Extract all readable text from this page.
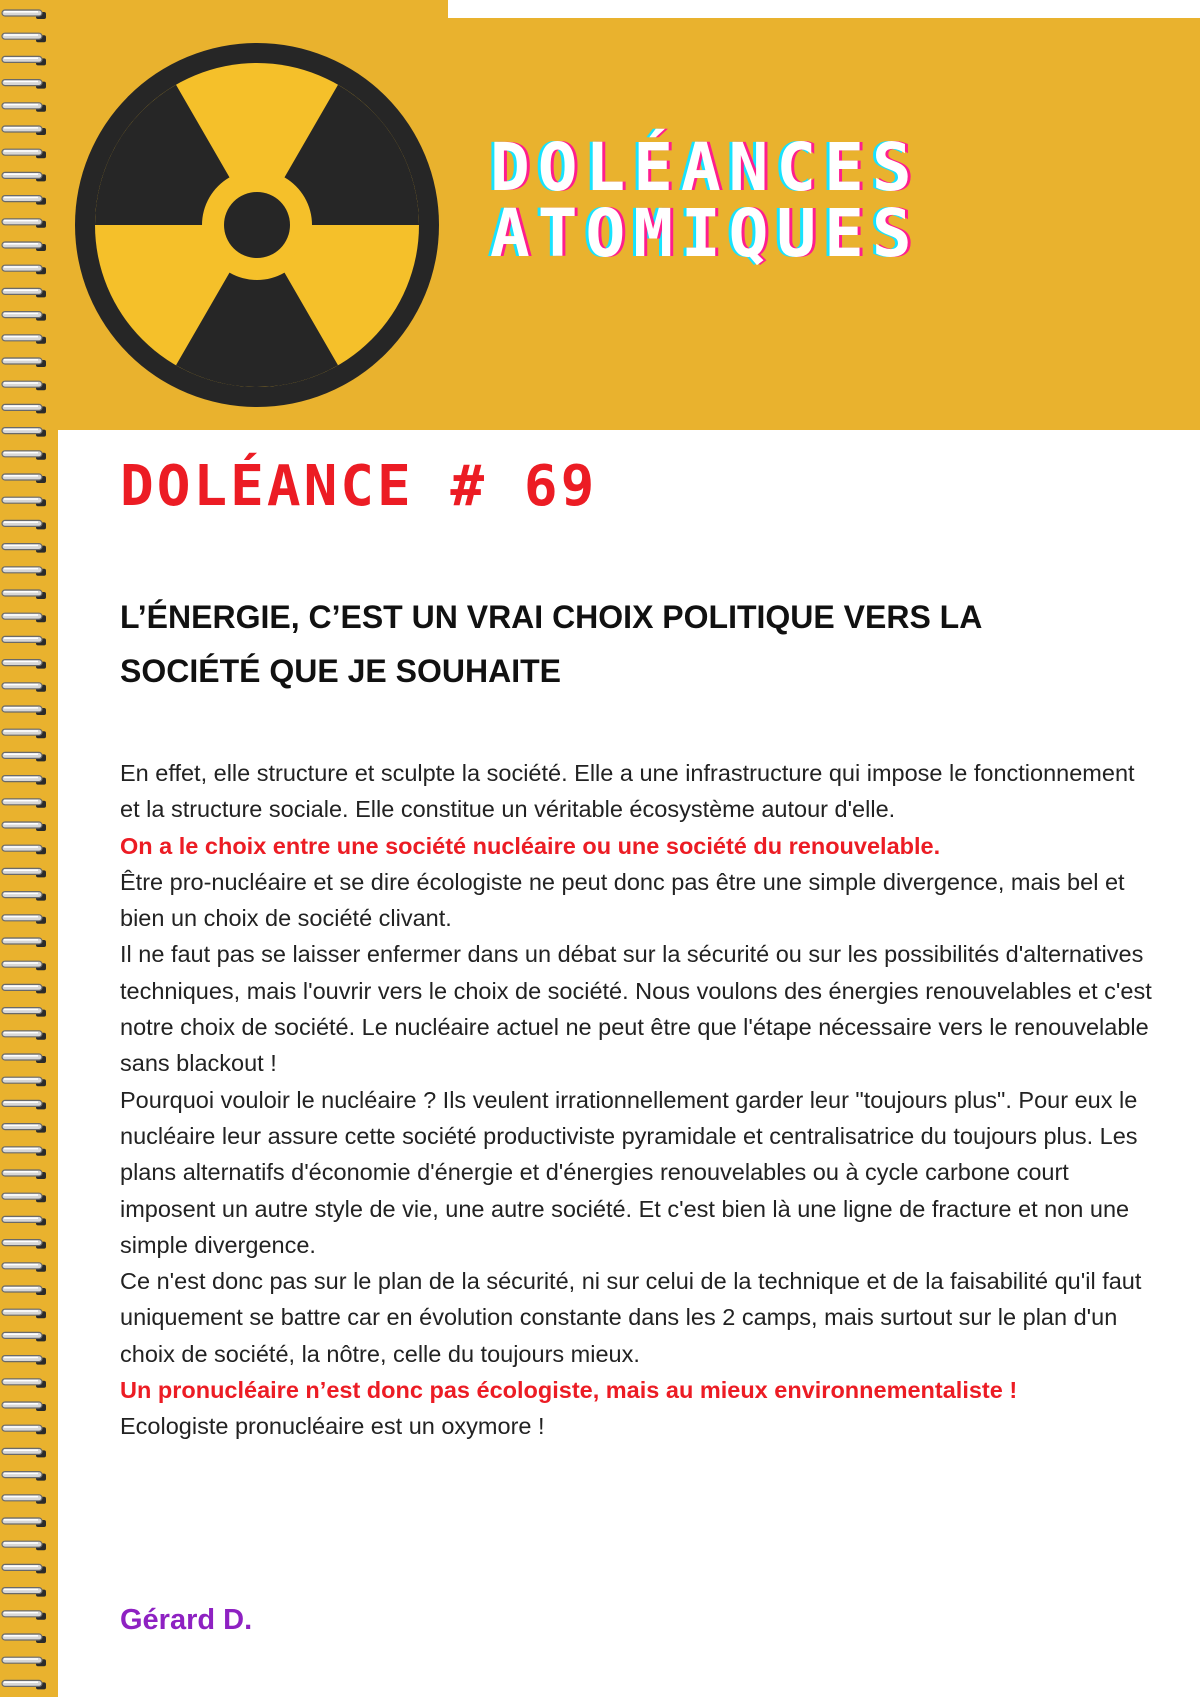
DOLÉANCES
ATOMIQUES
DOLÉANCE # 69
L’ÉNERGIE, C’EST UN VRAI CHOIX POLITIQUE VERS LA SOCIÉTÉ QUE JE SOUHAITE

En effet, elle structure et sculpte la société. Elle a une infrastructure qui impose le fonctionnement et la structure sociale. Elle constitue un véritable écosystème autour d'elle.

On a le choix entre une société nucléaire ou une société du renouvelable.

Être pro-nucléaire et se dire écologiste ne peut donc pas être une simple divergence, mais bel et bien un choix de société clivant.

Il ne faut pas se laisser enfermer dans un débat sur la sécurité ou sur les possibilités d'alternatives techniques, mais l'ouvrir vers le choix de société. Nous voulons des énergies renouvelables et c'est notre choix de société. Le nucléaire actuel ne peut être que l'étape nécessaire vers le renouvelable sans blackout !

Pourquoi vouloir le nucléaire ? Ils veulent irrationnellement garder leur "toujours plus". Pour eux le nucléaire leur assure cette société productiviste pyramidale et centralisatrice du toujours plus. Les plans alternatifs d'économie d'énergie et d'énergies renouvelables ou à cycle carbone court imposent un autre style de vie, une autre société. Et c'est bien là une ligne de fracture et non une simple divergence.

Ce n'est donc pas sur le plan de la sécurité, ni sur celui de la technique et de la faisabilité qu'il faut uniquement se battre car en évolution constante dans les 2 camps, mais surtout sur le plan d'un choix de société, la nôtre, celle du toujours mieux.

Un pronucléaire n’est donc pas écologiste, mais au mieux environnementaliste !

Ecologiste pronucléaire est un oxymore !

Gérard D.
